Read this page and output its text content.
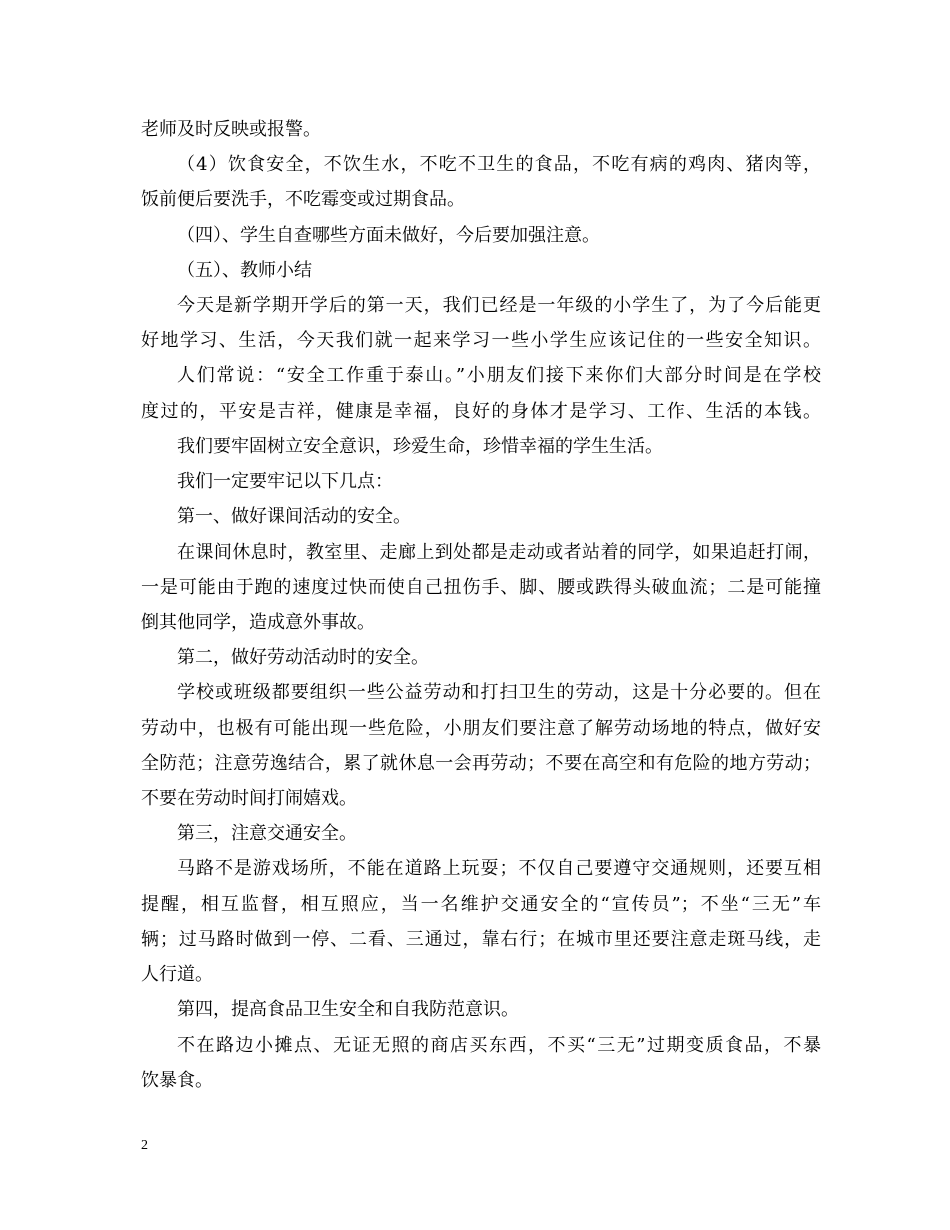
老师及时反映或报警。
（4）饮食安全，不饮生水，不吃不卫生的食品，不吃有病的鸡肉、猪肉等，
饭前便后要洗手，不吃霉变或过期食品。
（四）、学生自查哪些方面未做好，今后要加强注意。
（五）、教师小结
今天是新学期开学后的第一天，我们已经是一年级的小学生了，为了今后能更
好地学习、生活，今天我们就一起来学习一些小学生应该记住的一些安全知识。
人们常说：“安全工作重于泰山。”小朋友们接下来你们大部分时间是在学校
度过的，平安是吉祥，健康是幸福，良好的身体才是学习、工作、生活的本钱。
我们要牢固树立安全意识，珍爱生命，珍惜幸福的学生生活。
我们一定要牢记以下几点：
第一、做好课间活动的安全。
在课间休息时，教室里、走廊上到处都是走动或者站着的同学，如果追赶打闹，
一是可能由于跑的速度过快而使自己扭伤手、脚、腰或跌得头破血流；二是可能撞
倒其他同学，造成意外事故。
第二，做好劳动活动时的安全。
学校或班级都要组织一些公益劳动和打扫卫生的劳动，这是十分必要的。但在
劳动中，也极有可能出现一些危险，小朋友们要注意了解劳动场地的特点，做好安
全防范；注意劳逸结合，累了就休息一会再劳动；不要在高空和有危险的地方劳动；
不要在劳动时间打闹嬉戏。
第三，注意交通安全。
马路不是游戏场所，不能在道路上玩耍；不仅自己要遵守交通规则，还要互相
提醒，相互监督，相互照应，当一名维护交通安全的“宣传员”；不坐“三无”车
辆；过马路时做到一停、二看、三通过，靠右行；在城市里还要注意走斑马线，走
人行道。
第四，提高食品卫生安全和自我防范意识。
不在路边小摊点、无证无照的商店买东西，不买“三无”过期变质食品，不暴
饮暴食。
2
